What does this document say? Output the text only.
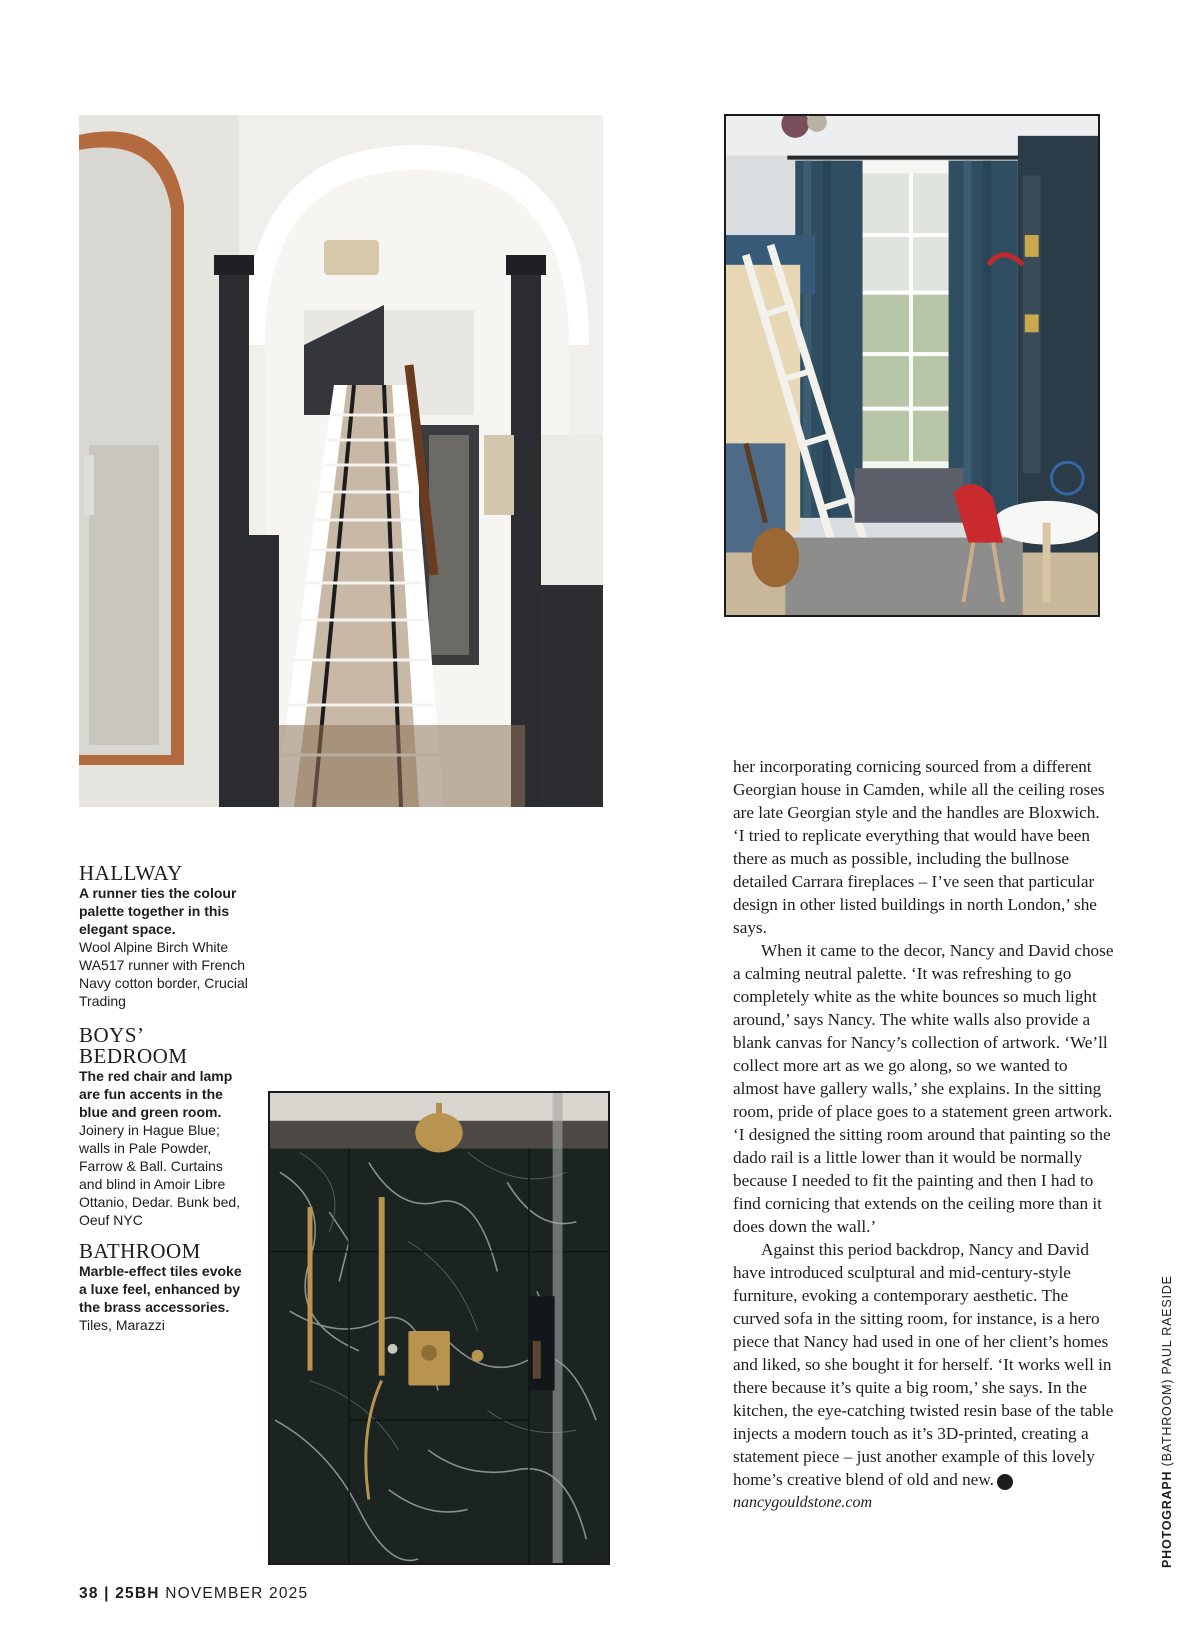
HALLWAY
A runner ties the colour palette together in this elegant space.
Wool Alpine Birch White WA517 runner with French Navy cotton border, Crucial Trading
BOYS’ BEDROOM
The red chair and lamp are fun accents in the blue and green room.
Joinery in Hague Blue; walls in Pale Powder, Farrow & Ball. Curtains and blind in Amoir Libre Ottanio, Dedar. Bunk bed, Oeuf NYC
BATHROOM
Marble-effect tiles evoke a luxe feel, enhanced by the brass accessories.
Tiles, Marazzi

her incorporating cornicing sourced from a different Georgian house in Camden, while all the ceiling roses are late Georgian style and the handles are Bloxwich. ‘I tried to replicate everything that would have been there as much as possible, including the bullnose detailed Carrara fireplaces – I’ve seen that particular design in other listed buildings in north London,’ she says.

When it came to the decor, Nancy and David chose a calming neutral palette. ‘It was refreshing to go completely white as the white bounces so much light around,’ says Nancy. The white walls also provide a blank canvas for Nancy’s collection of artwork. ‘We’ll collect more art as we go along, so we wanted to almost have gallery walls,’ she explains. In the sitting room, pride of place goes to a statement green artwork. ‘I designed the sitting room around that painting so the dado rail is a little lower than it would be normally because I needed to fit the painting and then I had to find cornicing that extends on the ceiling more than it does down the wall.’

Against this period backdrop, Nancy and David have introduced sculptural and mid-century-style furniture, evoking a contemporary aesthetic. The curved sofa in the sitting room, for instance, is a hero piece that Nancy had used in one of her client’s homes and liked, so she bought it for herself. ‘It works well in there because it’s quite a big room,’ she says. In the kitchen, the eye-catching twisted resin base of the table injects a modern touch as it’s 3D-printed, creating a statement piece – just another example of this lovely home’s creative blend of old and new.	25

nancygouldstone.com

38 | 25BH NOVEMBER 2025
PHOTOGRAPH (BATHROOM) PAUL RAESIDE
